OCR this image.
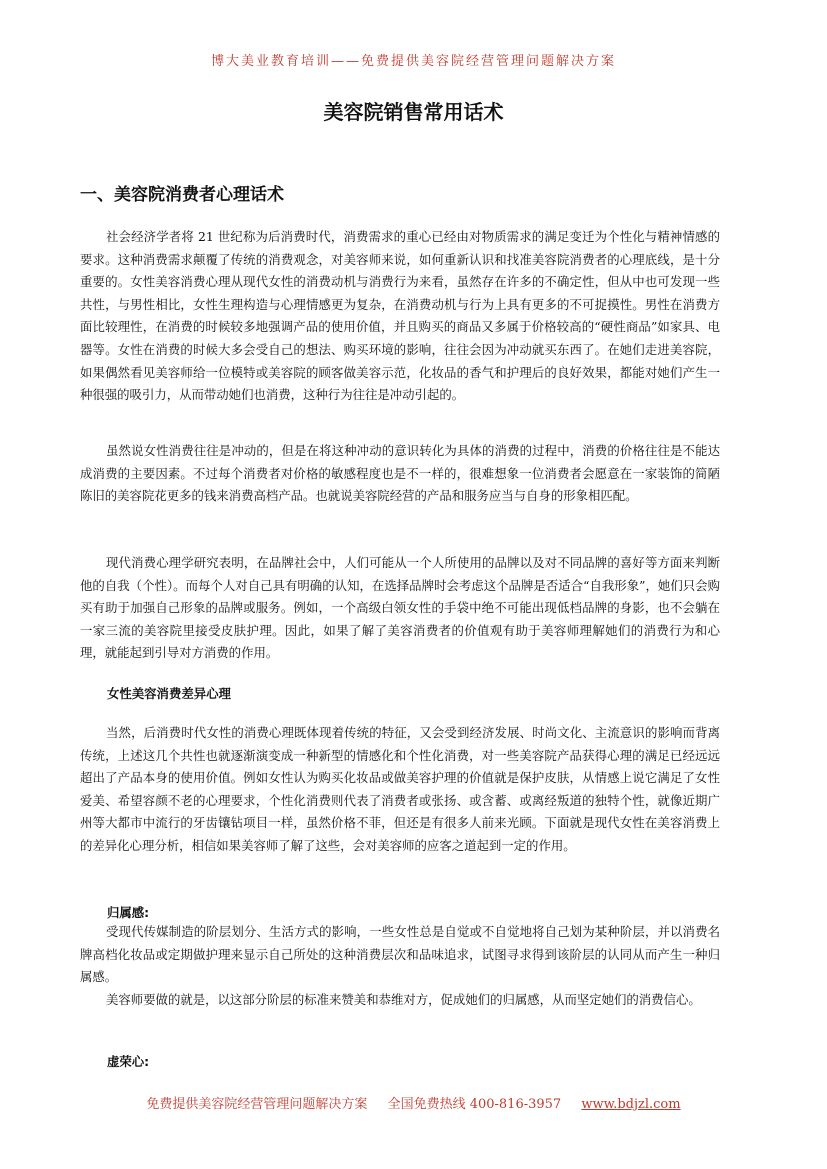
博大美业教育培训——免费提供美容院经营管理问题解决方案
美容院销售常用话术
一、美容院消费者心理话术

社会经济学者将 21 世纪称为后消费时代，消费需求的重心已经由对物质需求的满足变迁为个性化与精神情感的要求。这种消费需求颠覆了传统的消费观念，对美容师来说，如何重新认识和找准美容院消费者的心理底线，是十分重要的。女性美容消费心理从现代女性的消费动机与消费行为来看，虽然存在许多的不确定性，但从中也可发现一些共性，与男性相比，女性生理构造与心理情感更为复杂，在消费动机与行为上具有更多的不可捉摸性。男性在消费方面比较理性，在消费的时候较多地强调产品的使用价值，并且购买的商品又多属于价格较高的“硬性商品”如家具、电器等。女性在消费的时候大多会受自己的想法、购买环境的影响，往往会因为冲动就买东西了。在她们走进美容院，如果偶然看见美容师给一位模特或美容院的顾客做美容示范，化妆品的香气和护理后的良好效果，都能对她们产生一种很强的吸引力，从而带动她们也消费，这种行为往往是冲动引起的。

虽然说女性消费往往是冲动的，但是在将这种冲动的意识转化为具体的消费的过程中，消费的价格往往是不能达成消费的主要因素。不过每个消费者对价格的敏感程度也是不一样的，很难想象一位消费者会愿意在一家装饰的简陋陈旧的美容院花更多的钱来消费高档产品。也就说美容院经营的产品和服务应当与自身的形象相匹配。

现代消费心理学研究表明，在品牌社会中，人们可能从一个人所使用的品牌以及对不同品牌的喜好等方面来判断他的自我（个性）。而每个人对自己具有明确的认知，在选择品牌时会考虑这个品牌是否适合“自我形象”，她们只会购买有助于加强自己形象的品牌或服务。例如，一个高级白领女性的手袋中绝不可能出现低档品牌的身影，也不会躺在一家三流的美容院里接受皮肤护理。因此，如果了解了美容消费者的价值观有助于美容师理解她们的消费行为和心理，就能起到引导对方消费的作用。

女性美容消费差异心理

当然，后消费时代女性的消费心理既体现着传统的特征，又会受到经济发展、时尚文化、主流意识的影响而背离传统，上述这几个共性也就逐渐演变成一种新型的情感化和个性化消费，对一些美容院产品获得心理的满足已经远远超出了产品本身的使用价值。例如女性认为购买化妆品或做美容护理的价值就是保护皮肤，从情感上说它满足了女性爱美、希望容颜不老的心理要求，个性化消费则代表了消费者或张扬、或含蓄、或离经叛道的独特个性，就像近期广州等大都市中流行的牙齿镶钻项目一样，虽然价格不菲，但还是有很多人前来光顾。下面就是现代女性在美容消费上的差异化心理分析，相信如果美容师了解了这些，会对美容师的应客之道起到一定的作用。

归属感:

受现代传媒制造的阶层划分、生活方式的影响，一些女性总是自觉或不自觉地将自己划为某种阶层，并以消费名牌高档化妆品或定期做护理来显示自己所处的这种消费层次和品味追求，试图寻求得到该阶层的认同从而产生一种归属感。

美容师要做的就是，以这部分阶层的标准来赞美和恭维对方，促成她们的归属感，从而坚定她们的消费信心。

虚荣心:
免费提供美容院经营管理问题解决方案 全国免费热线 400-816-3957 www.bdjzl.com
